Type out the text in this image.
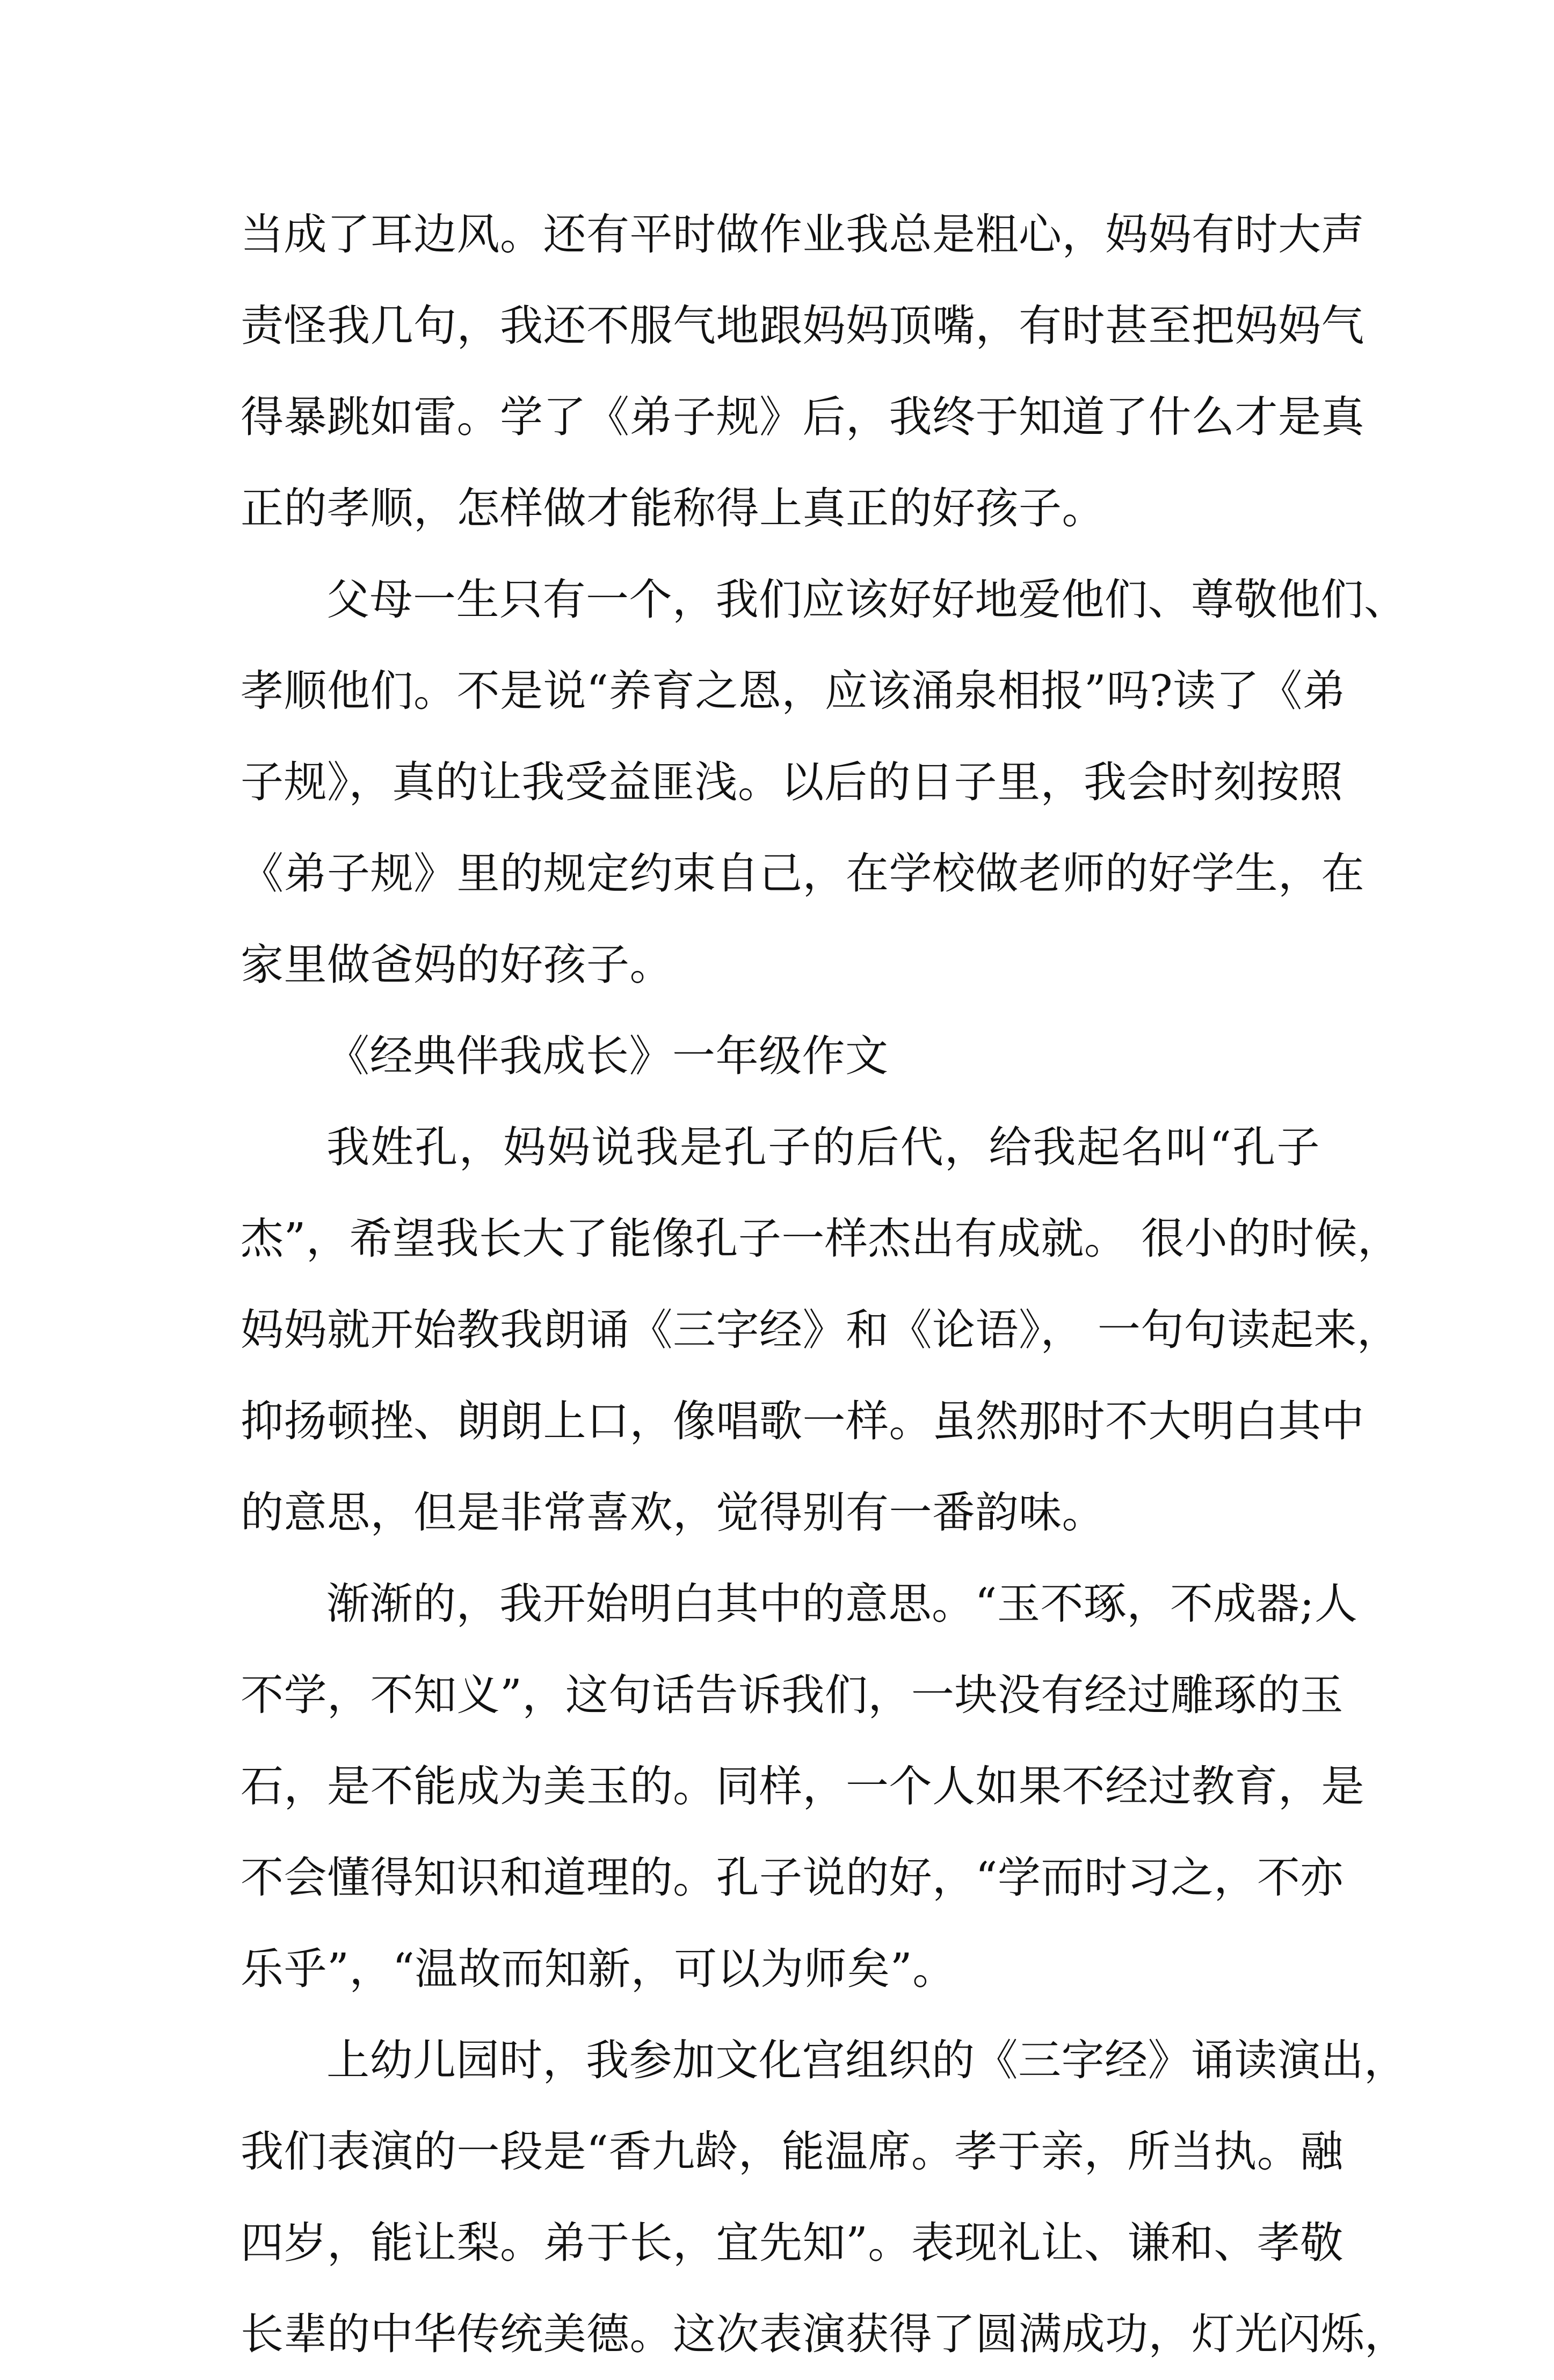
当成了耳边风。还有平时做作业我总是粗心，妈妈有时大声
责怪我几句，我还不服气地跟妈妈顶嘴，有时甚至把妈妈气
得暴跳如雷。学了《弟子规》后，我终于知道了什么才是真
正的孝顺，怎样做才能称得上真正的好孩子。
父母一生只有一个，我们应该好好地爱他们、尊敬他们、
孝顺他们。不是说“养育之恩，应该涌泉相报”吗?读了《弟
子规》，真的让我受益匪浅。以后的日子里，我会时刻按照
《弟子规》里的规定约束自己，在学校做老师的好学生，在
家里做爸妈的好孩子。
《经典伴我成长》一年级作文
我姓孔，妈妈说我是孔子的后代，给我起名叫“孔子
杰”，希望我长大了能像孔子一样杰出有成就。 很小的时候，
妈妈就开始教我朗诵《三字经》和《论语》， 一句句读起来，
抑扬顿挫、朗朗上口，像唱歌一样。虽然那时不大明白其中
的意思，但是非常喜欢，觉得别有一番韵味。
渐渐的，我开始明白其中的意思。“玉不琢，不成器;人
不学，不知义”，这句话告诉我们，一块没有经过雕琢的玉
石，是不能成为美玉的。同样，一个人如果不经过教育，是
不会懂得知识和道理的。孔子说的好，“学而时习之，不亦
乐乎”，“温故而知新，可以为师矣”。
上幼儿园时，我参加文化宫组织的《三字经》诵读演出，
我们表演的一段是“香九龄，能温席。孝于亲，所当执。融
四岁，能让梨。弟于长，宜先知”。表现礼让、谦和、孝敬
长辈的中华传统美德。这次表演获得了圆满成功，灯光闪烁，
